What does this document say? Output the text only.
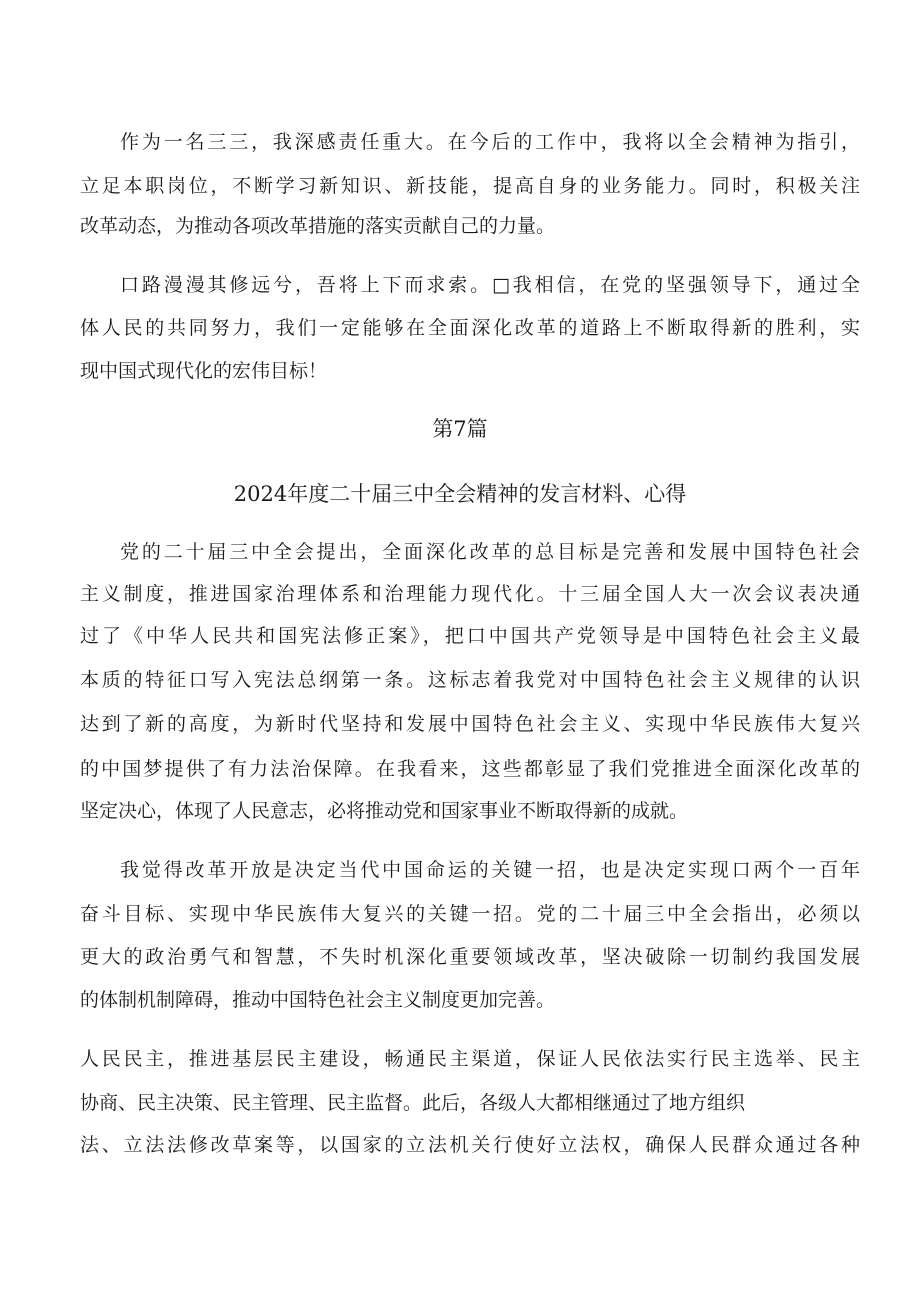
作为一名三三，我深感责任重大。在今后的工作中，我将以全会精神为指引，
立足本职岗位，不断学习新知识、新技能，提高自身的业务能力。同时，积极关注
改革动态，为推动各项改革措施的落实贡献自己的力量。
口路漫漫其修远兮，吾将上下而求索。□我相信，在党的坚强领导下，通过全
体人民的共同努力，我们一定能够在全面深化改革的道路上不断取得新的胜利，实
现中国式现代化的宏伟目标！
第7篇
2024年度二十届三中全会精神的发言材料、心得
党的二十届三中全会提出，全面深化改革的总目标是完善和发展中国特色社会
主义制度，推进国家治理体系和治理能力现代化。十三届全国人大一次会议表决通
过了《中华人民共和国宪法修正案》，把口中国共产党领导是中国特色社会主义最
本质的特征口写入宪法总纲第一条。这标志着我党对中国特色社会主义规律的认识
达到了新的高度，为新时代坚持和发展中国特色社会主义、实现中华民族伟大复兴
的中国梦提供了有力法治保障。在我看来，这些都彰显了我们党推进全面深化改革的
坚定决心，体现了人民意志，必将推动党和国家事业不断取得新的成就。
我觉得改革开放是决定当代中国命运的关键一招，也是决定实现口两个一百年
奋斗目标、实现中华民族伟大复兴的关键一招。党的二十届三中全会指出，必须以
更大的政治勇气和智慧，不失时机深化重要领域改革，坚决破除一切制约我国发展
的体制机制障碍，推动中国特色社会主义制度更加完善。
人民民主，推进基层民主建设，畅通民主渠道，保证人民依法实行民主选举、民主
协商、民主决策、民主管理、民主监督。此后，各级人大都相继通过了地方组织
法、立法法修改草案等，以国家的立法机关行使好立法权，确保人民群众通过各种
